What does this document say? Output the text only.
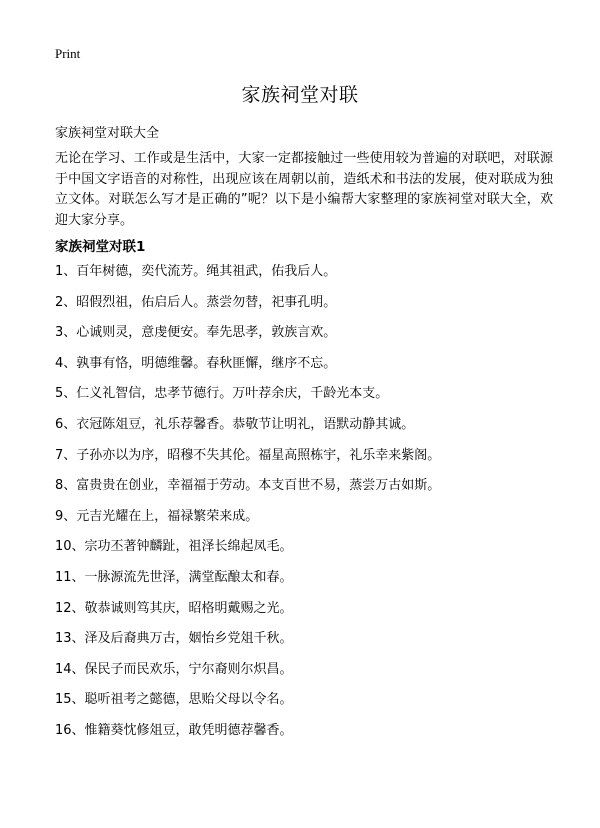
Print
家族祠堂对联

家族祠堂对联大全

无论在学习、工作或是生活中，大家一定都接触过一些使用较为普遍的对联吧，对联源于中国文字语音的对称性，出现应该在周朝以前，造纸术和书法的发展，使对联成为独立文体。对联怎么写才是正确的”呢？以下是小编帮大家整理的家族祠堂对联大全，欢迎大家分享。

家族祠堂对联1
1、百年树德，奕代流芳。绳其祖武，佑我后人。
2、昭假烈祖，佑启后人。蒸尝勿替，祀事孔明。
3、心诚则灵，意虔便安。奉先思孝，敦族言欢。
4、孰事有恪，明德维馨。春秋匪懈，继序不忘。
5、仁义礼智信，忠孝节德行。万叶荐余庆，千龄光本支。
6、衣冠陈俎豆，礼乐荐馨香。恭敬节让明礼，语默动静其诚。
7、子孙亦以为序，昭穆不失其伦。福星高照栋宇，礼乐幸来紫阁。
8、富贵贵在创业，幸福福于劳动。本支百世不易，蒸尝万古如斯。
9、元吉光耀在上，福禄繁荣来成。
10、宗功丕著钟麟趾，祖泽长绵起凤毛。
11、一脉源流先世泽，满堂酝酿太和春。
12、敬恭诚则笃其庆，昭格明戴赐之光。
13、泽及后裔典万古，姻怡乡党俎千秋。
14、保民子而民欢乐，宁尔裔则尔炽昌。
15、聪听祖考之懿德，思贻父母以令名。
16、惟籍葵忱修俎豆，敢凭明德荐馨香。
